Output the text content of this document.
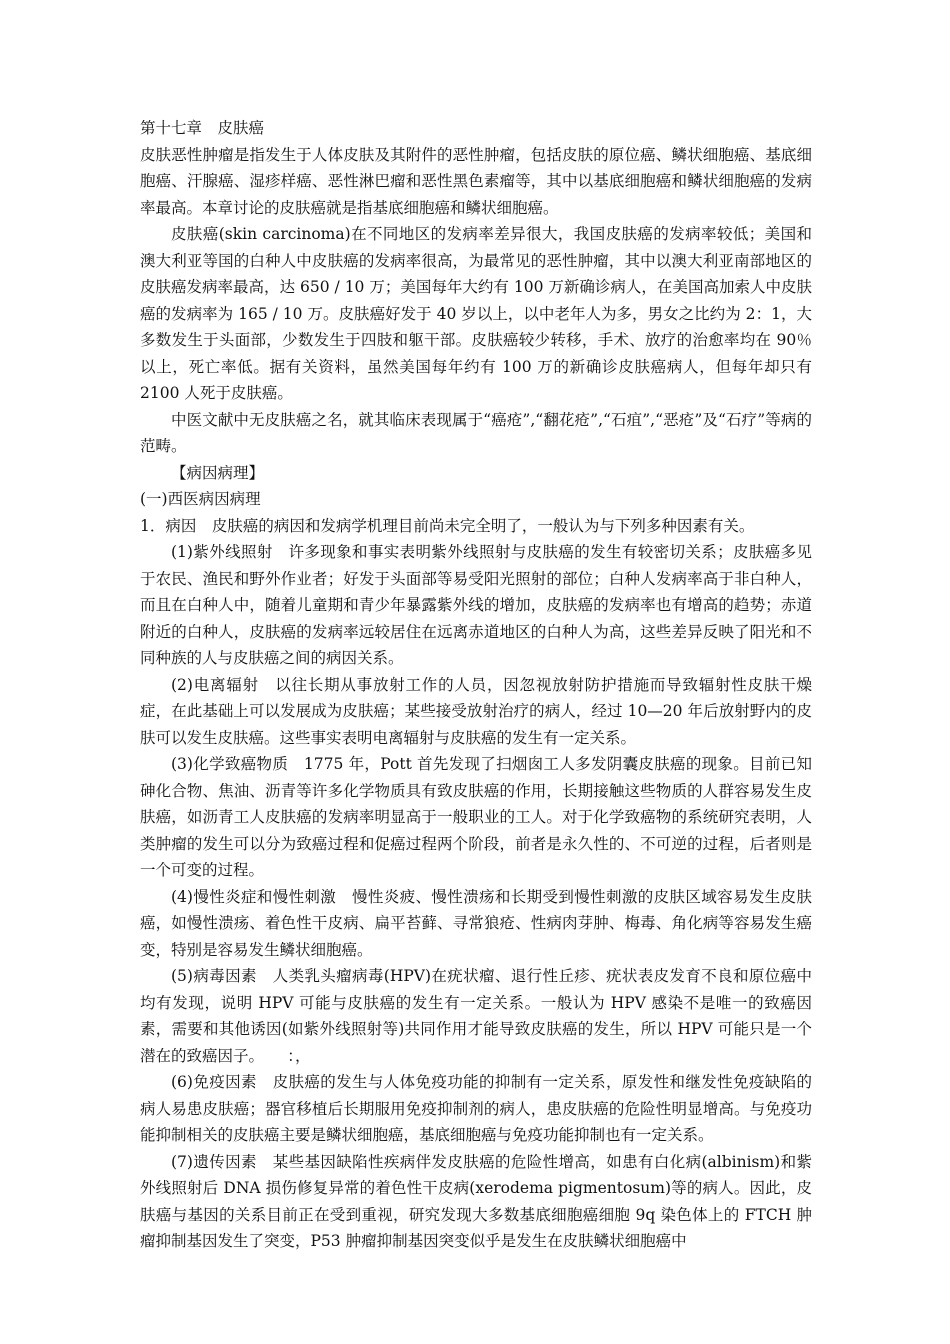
第十七章　皮肤癌

皮肤恶性肿瘤是指发生于人体皮肤及其附件的恶性肿瘤，包括皮肤的原位癌、鳞状细胞癌、基底细胞癌、汗腺癌、湿疹样癌、恶性淋巴瘤和恶性黑色素瘤等，其中以基底细胞癌和鳞状细胞癌的发病率最高。本章讨论的皮肤癌就是指基底细胞癌和鳞状细胞癌。

皮肤癌(skin carcinoma)在不同地区的发病率差异很大，我国皮肤癌的发病率较低；美国和澳大利亚等国的白种人中皮肤癌的发病率很高，为最常见的恶性肿瘤，其中以澳大利亚南部地区的皮肤癌发病率最高，达 650 / 10 万；美国每年大约有 100 万新确诊病人，在美国高加索人中皮肤癌的发病率为 165 / 10 万。皮肤癌好发于 40 岁以上，以中老年人为多，男女之比约为 2：1，大多数发生于头面部，少数发生于四肢和躯干部。皮肤癌较少转移，手术、放疗的治愈率均在 90％以上，死亡率低。据有关资料，虽然美国每年约有 100 万的新确诊皮肤癌病人，但每年却只有 2100 人死于皮肤癌。

中医文献中无皮肤癌之名，就其临床表现属于“癌疮”,“翻花疮”,“石疽”,“恶疮”及“石疗”等病的范畴。

【病因病理】
(一)西医病因病理

1．病因　皮肤癌的病因和发病学机理目前尚未完全明了，一般认为与下列多种因素有关。

(1)紫外线照射　许多现象和事实表明紫外线照射与皮肤癌的发生有较密切关系；皮肤癌多见于农民、渔民和野外作业者；好发于头面部等易受阳光照射的部位；白种人发病率高于非白种人，而且在白种人中，随着儿童期和青少年暴露紫外线的增加，皮肤癌的发病率也有增高的趋势；赤道附近的白种人，皮肤癌的发病率远较居住在远离赤道地区的白种人为高，这些差异反映了阳光和不同种族的人与皮肤癌之间的病因关系。

(2)电离辐射　以往长期从事放射工作的人员，因忽视放射防护措施而导致辐射性皮肤干燥症，在此基础上可以发展成为皮肤癌；某些接受放射治疗的病人，经过 10—20 年后放射野内的皮肤可以发生皮肤癌。这些事实表明电离辐射与皮肤癌的发生有一定关系。

(3)化学致癌物质　1775 年，Pott 首先发现了扫烟囱工人多发阴囊皮肤癌的现象。目前已知砷化合物、焦油、沥青等许多化学物质具有致皮肤癌的作用，长期接触这些物质的人群容易发生皮肤癌，如沥青工人皮肤癌的发病率明显高于一般职业的工人。对于化学致癌物的系统研究表明，人类肿瘤的发生可以分为致癌过程和促癌过程两个阶段，前者是永久性的、不可逆的过程，后者则是一个可变的过程。

(4)慢性炎症和慢性刺激　慢性炎疲、慢性溃疡和长期受到慢性刺激的皮肤区域容易发生皮肤癌，如慢性溃疡、着色性干皮病、扁平苔藓、寻常狼疮、性病肉芽肿、梅毒、角化病等容易发生癌变，特别是容易发生鳞状细胞癌。

(5)病毒因素　人类乳头瘤病毒(HPV)在疣状瘤、退行性丘疹、疣状表皮发育不良和原位癌中均有发现，说明 HPV 可能与皮肤癌的发生有一定关系。一般认为 HPV 感染不是唯一的致癌因素，需要和其他诱因(如紫外线照射等)共同作用才能导致皮肤癌的发生，所以 HPV 可能只是一个潜在的致癌因子。　　：，

(6)免疫因素　皮肤癌的发生与人体免疫功能的抑制有一定关系，原发性和继发性免疫缺陷的病人易患皮肤癌；器官移植后长期服用免疫抑制剂的病人，患皮肤癌的危险性明显增高。与免疫功能抑制相关的皮肤癌主要是鳞状细胞癌，基底细胞癌与免疫功能抑制也有一定关系。

(7)遗传因素　某些基因缺陷性疾病伴发皮肤癌的危险性增高，如患有白化病(albinism)和紫外线照射后 DNA 损伤修复异常的着色性干皮病(xerodema pigmentosum)等的病人。因此，皮肤癌与基因的关系目前正在受到重视，研究发现大多数基底细胞癌细胞 9q 染色体上的 FTCH 肿瘤抑制基因发生了突变，P53 肿瘤抑制基因突变似乎是发生在皮肤鳞状细胞癌中
